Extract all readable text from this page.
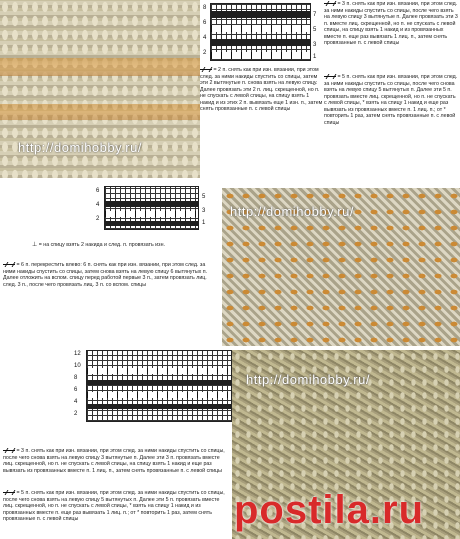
http://domihobby.ru/
8
6
4
2
7
5
3
1
= 3 п. снять как при изн. вязании, при этом след. за ними накиды спустить со спицы, после чего взять на левую спицу 3 вытянутые п. Далее провязать эти 3 п. вместе лиц. скрещенной, но п. не спускать с левой спицы, на спицу взять 1 накид и из провязанных вместе п. еще раз вывязать 1 лиц. п., затем снять провязанные п. с левой спицы
= 2 п. снять как при изн. вязании, при этом след. за ними накиды спустить со спицы, затем эти 2 вытянутые п. снова взять на левую спицу. Далее провязать эти 2 п. лиц. скрещенной, но п. не спускать с левой спицы, на спицу взять 1 накид и из этих 2 п. вывязать еще 1 изн. п., затем снять провязанные п. с левой спицы
= 5 п. снять как при изн. вязании, при этом след. за ними накиды спустить со спицы, после чего снова взять на левую спицу 5 вытянутых п. Далее эти 5 п. провязать вместе лиц. скрещенной, но п. не спускать с левой спицы, * взять на спицу 1 накид и еще раз вывязать из провязанных вместе п. 1 лиц. п.; от * повторить 1 раз, затем снять провязанные п. с левой спицы
6
4
2
5
3
1
⊥ = на спицу взять 2 накида и след. п. провязать изн.
= 6 п. перекрестить влево: 6 п. снять как при изн. вязании, при этом след. за ними накиды спустить со спицы, затем снова взять на левую спицу 6 вытянутых п. Далее отложить на вспом. спицу перед работой первые 3 п., затем провязать лиц. след. 3 п., после чего провязать лиц. 3 п. со вспом. спицы
http://domihobby.ru/
12
10
8
6
4
2
= 3 п. снять как при изн. вязании, при этом след. за ними накиды спустить со спицы, после чего снова взять на левую спицу 3 вытянутые п. Далее эти 3 п. провязать вместе лиц. скрещенной, но п. не спускать с левой спицы, на спицу взять 1 накид и еще раз вывязать из провязанных вместе п. 1 лиц. п., затем снять провязанные п. с левой спицы
= 5 п. снять как при изн. вязании, при этом след. за ними накиды спустить со спицы, после чего снова взять на левую спицу 5 вытянутых п. Далее эти 5 п. провязать вместе лиц. скрещенной, но п. не спускать с левой спицы, * взять на спицу 1 накид и из провязанных вместе п. еще раз вывязать 1 лиц. п.; от * повторить 1 раз, затем снять провязанные п. с левой спицы
http://domihobby.ru/
postila.ru
